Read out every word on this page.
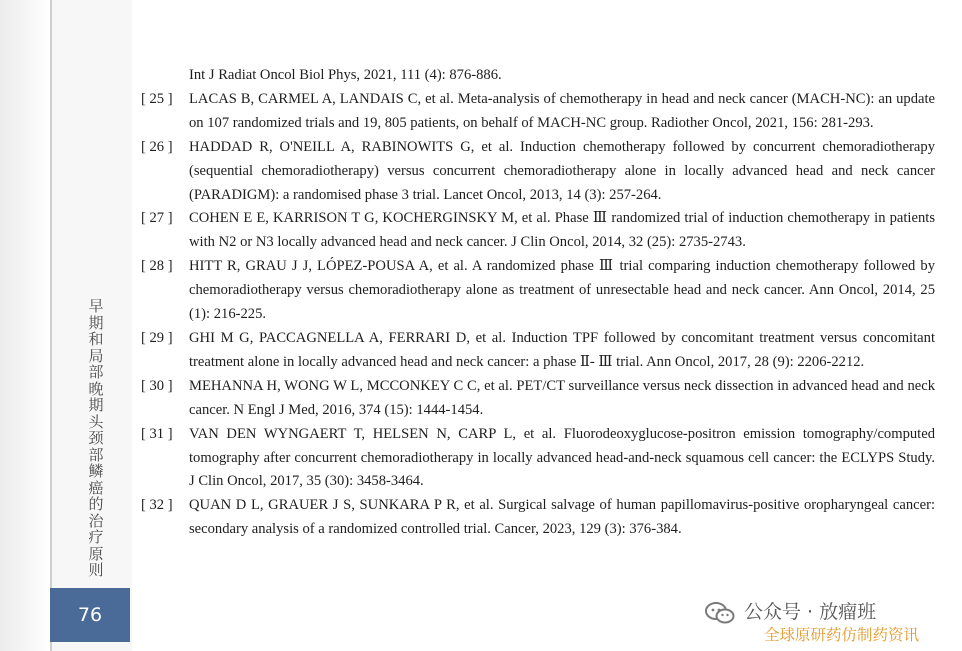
早
期
和
局
部
晚
期
头
颈
部
鳞
癌
的
治
疗
原
则
76
Int J Radiat Oncol Biol Phys, 2021, 111 (4): 876-886.
[ 25 ]	LACAS B, CARMEL A, LANDAIS C, et al. Meta-analysis of chemotherapy in head and neck cancer (MACH-NC): an update on 107 randomized trials and 19, 805 patients, on behalf of MACH-NC group. Radiother Oncol, 2021, 156: 281-293.
[ 26 ]	HADDAD R, O'NEILL A, RABINOWITS G, et al. Induction chemotherapy followed by concurrent chemoradiotherapy (sequential chemoradiotherapy) versus concurrent chemoradiotherapy alone in locally advanced head and neck cancer (PARADIGM): a randomised phase 3 trial. Lancet Oncol, 2013, 14 (3): 257-264.
[ 27 ]	COHEN E E, KARRISON T G, KOCHERGINSKY M, et al. Phase Ⅲ randomized trial of induction chemotherapy in patients with N2 or N3 locally advanced head and neck cancer. J Clin Oncol, 2014, 32 (25): 2735-2743.
[ 28 ]	HITT R, GRAU J J, LÓPEZ-POUSA A, et al. A randomized phase Ⅲ trial comparing induction chemotherapy followed by chemoradiotherapy versus chemoradiotherapy alone as treatment of unresectable head and neck cancer. Ann Oncol, 2014, 25 (1): 216-225.
[ 29 ]	GHI M G, PACCAGNELLA A, FERRARI D, et al. Induction TPF followed by concomitant treatment versus concomitant treatment alone in locally advanced head and neck cancer: a phase Ⅱ- Ⅲ trial. Ann Oncol, 2017, 28 (9): 2206-2212.
[ 30 ]	MEHANNA H, WONG W L, MCCONKEY C C, et al. PET/CT surveillance versus neck dissection in advanced head and neck cancer. N Engl J Med, 2016, 374 (15): 1444-1454.
[ 31 ]	VAN DEN WYNGAERT T, HELSEN N, CARP L, et al. Fluorodeoxyglucose-positron emission tomography/computed tomography after concurrent chemoradiotherapy in locally advanced head-and-neck squamous cell cancer: the ECLYPS Study. J Clin Oncol, 2017, 35 (30): 3458-3464.
[ 32 ]	QUAN D L, GRAUER J S, SUNKARA P R, et al. Surgical salvage of human papillomavirus-positive oropharyngeal cancer: secondary analysis of a randomized controlled trial. Cancer, 2023, 129 (3): 376-384.
公众号 · 放瘤班
全球原研药仿制药资讯
